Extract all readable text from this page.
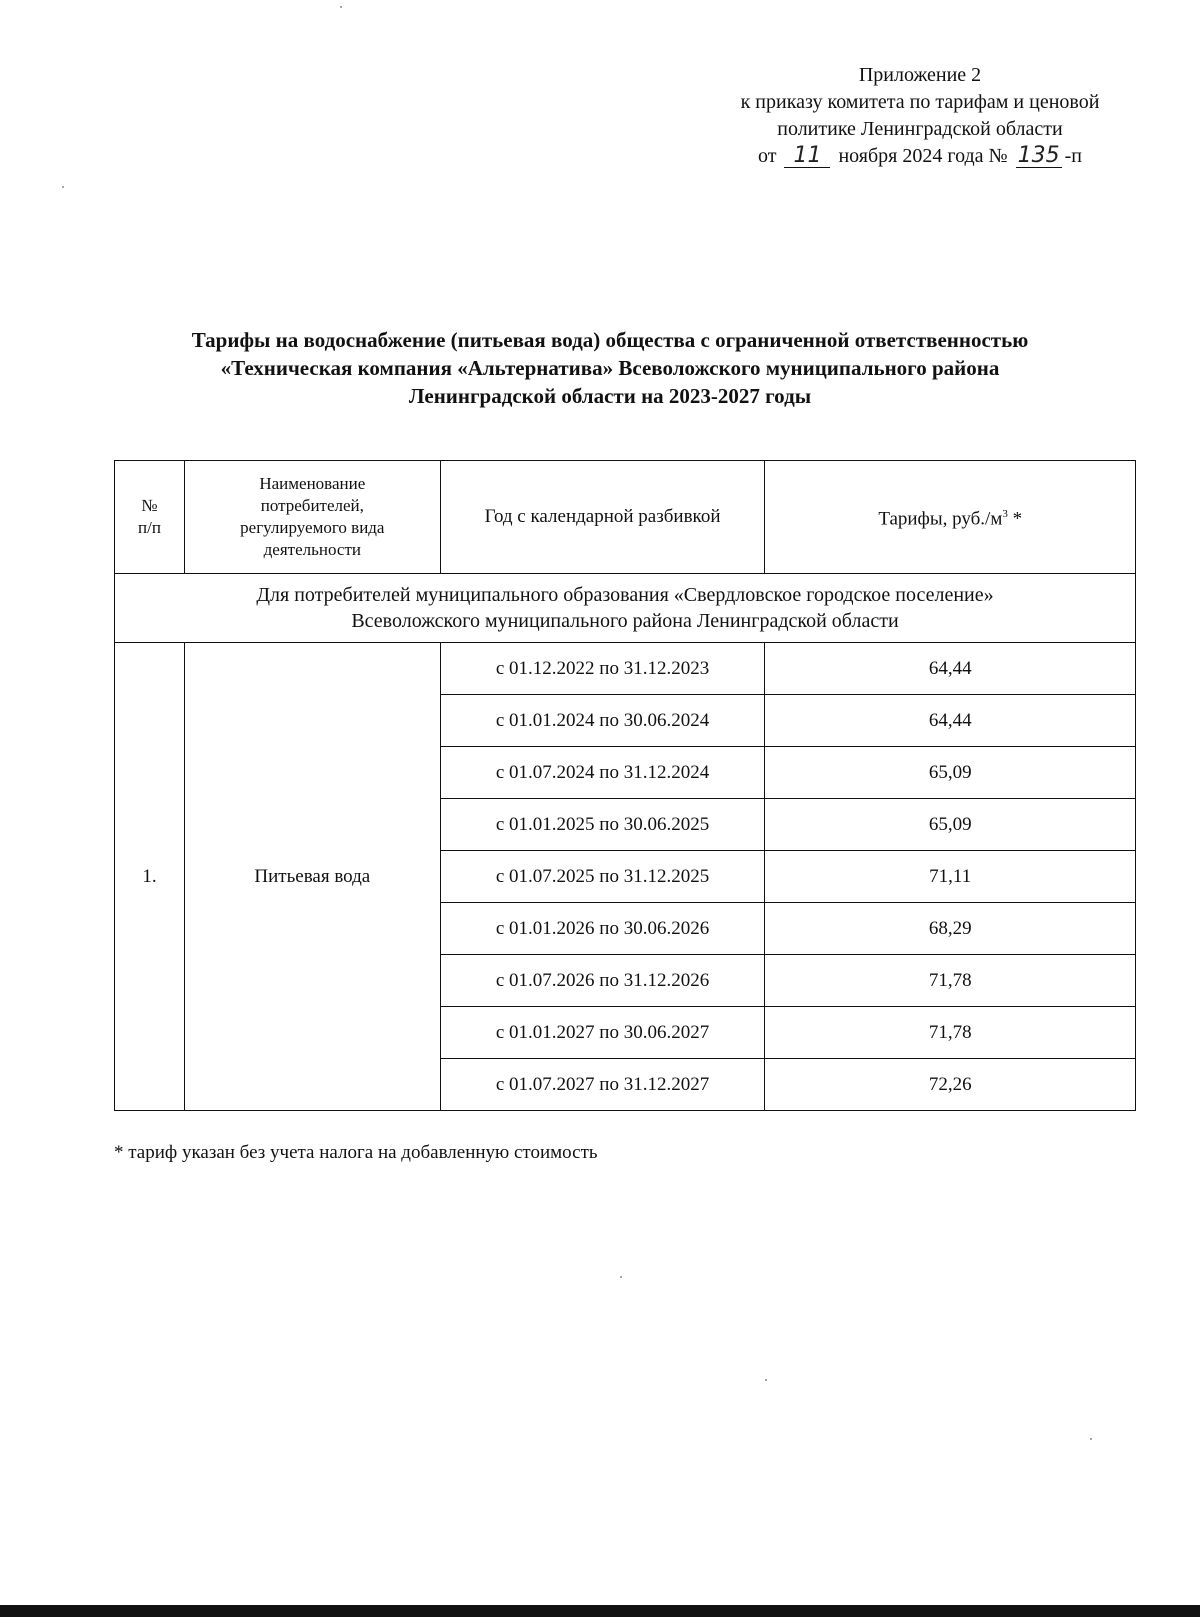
Приложение 2
к приказу комитета по тарифам и ценовой
политике Ленинградской области
от 11 ноября 2024 года № 135 -п
Тарифы на водоснабжение (питьевая вода) общества с ограниченной ответственностью
«Техническая компания «Альтернатива» Всеволожского муниципального района
Ленинградской области на 2023-2027 годы
№
п/п	Наименование
потребителей,
регулируемого вида
деятельности	Год с календарной разбивкой	Тарифы, $руб./м^3$ *
Для потребителей муниципального образования «Свердловское городское поселение»
Всеволожского муниципального района Ленинградской области			
1.	Питьевая вода	с 01.12.2022 по 31.12.2023	64,44
		с 01.01.2024 по 30.06.2024	64,44
		с 01.07.2024 по 31.12.2024	65,09
		с 01.01.2025 по 30.06.2025	65,09
		с 01.07.2025 по 31.12.2025	71,11
		с 01.01.2026 по 30.06.2026	68,29
		с 01.07.2026 по 31.12.2026	71,78
		с 01.01.2027 по 30.06.2027	71,78
		с 01.07.2027 по 31.12.2027	72,26
* тариф указан без учета налога на добавленную стоимость
